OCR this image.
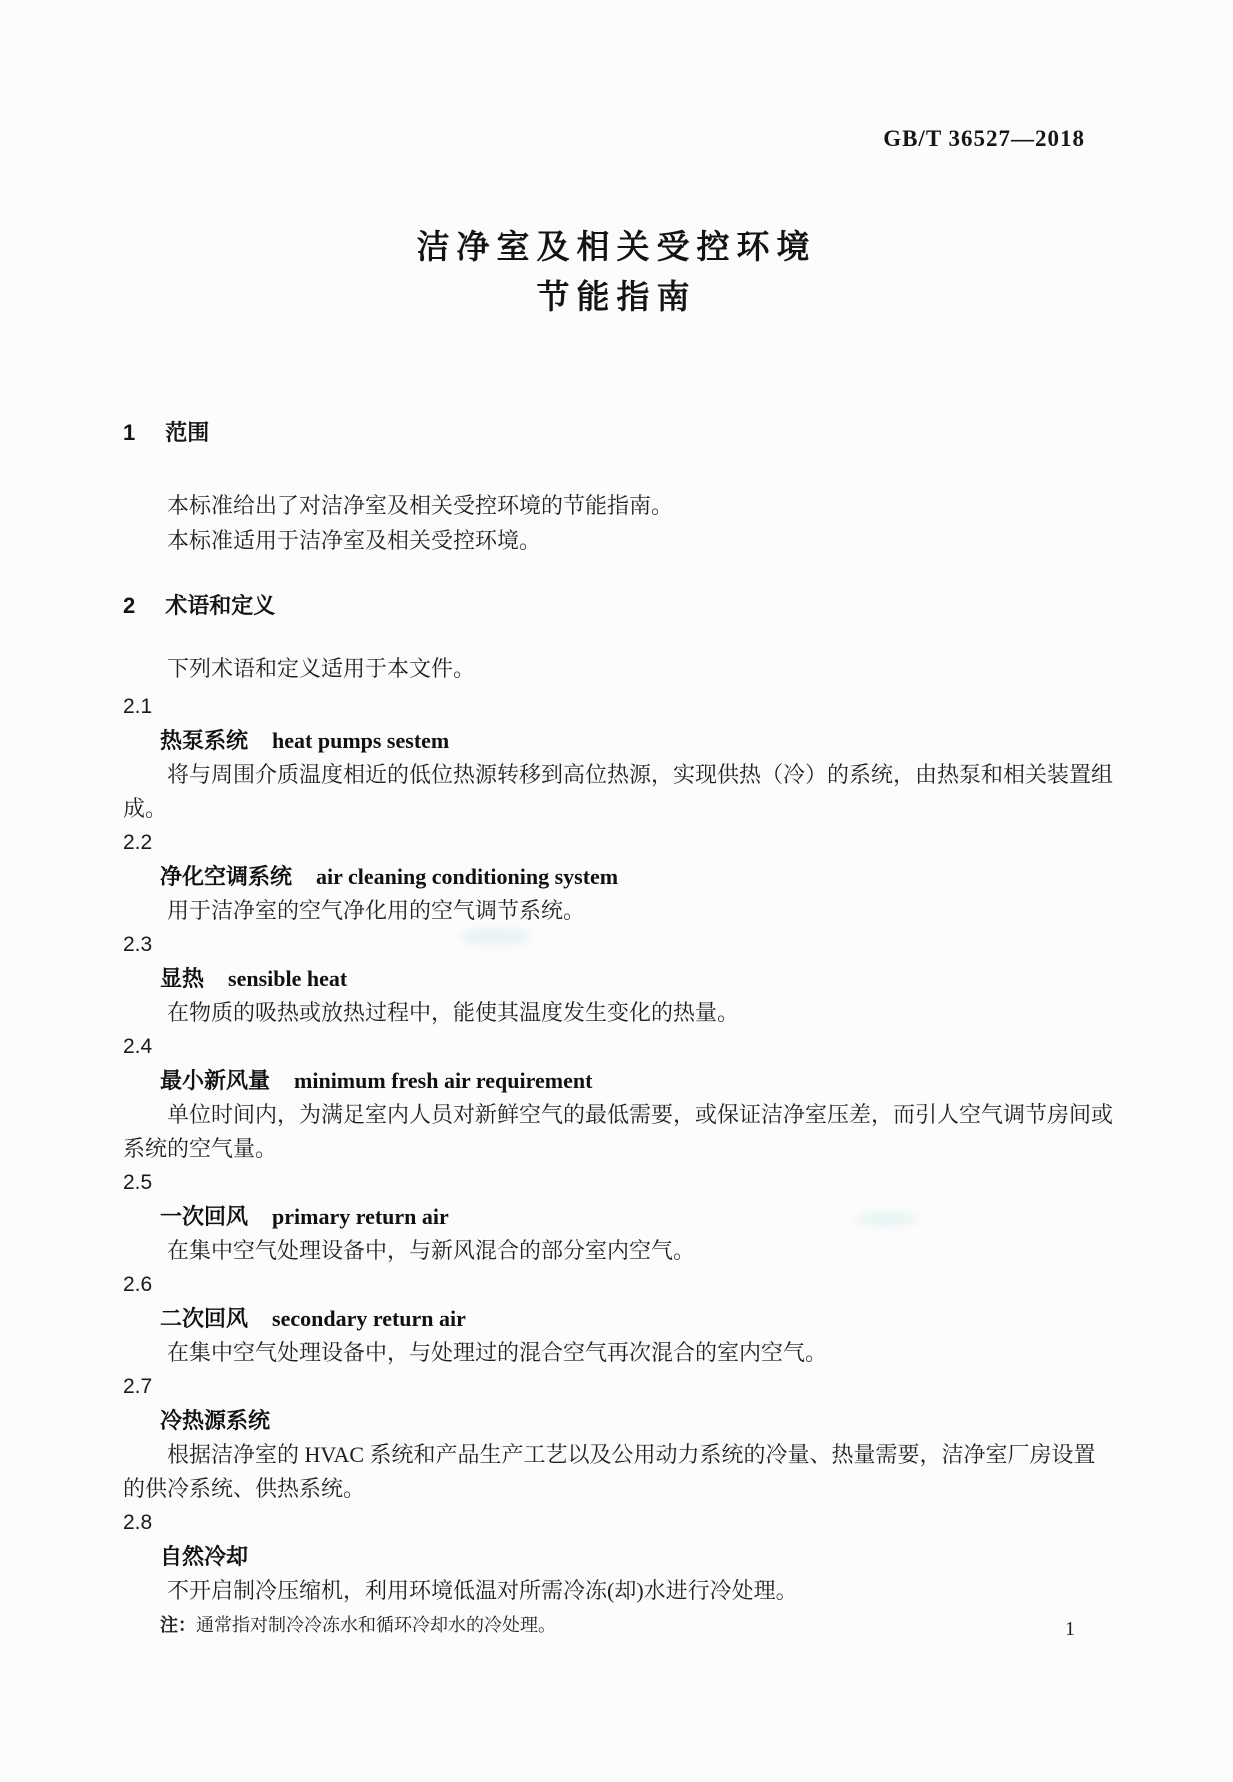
GB/T 36527—2018
洁净室及相关受控环境
节能指南
1 范围

本标准给出了对洁净室及相关受控环境的节能指南。

本标准适用于洁净室及相关受控环境。

2 术语和定义

下列术语和定义适用于本文件。

2.1
热泵系统 heat pumps sestem

将与周围介质温度相近的低位热源转移到高位热源，实现供热（冷）的系统，由热泵和相关装置组成。

2.2
净化空调系统 air cleaning conditioning system

用于洁净室的空气净化用的空气调节系统。

2.3
显热 sensible heat

在物质的吸热或放热过程中，能使其温度发生变化的热量。

2.4
最小新风量 minimum fresh air requirement

单位时间内，为满足室内人员对新鲜空气的最低需要，或保证洁净室压差，而引人空气调节房间或系统的空气量。

2.5
一次回风 primary return air

在集中空气处理设备中，与新风混合的部分室内空气。

2.6
二次回风 secondary return air

在集中空气处理设备中，与处理过的混合空气再次混合的室内空气。

2.7
冷热源系统

根据洁净室的 HVAC 系统和产品生产工艺以及公用动力系统的冷量、热量需要，洁净室厂房设置的供冷系统、供热系统。

2.8
自然冷却

不开启制冷压缩机，利用环境低温对所需冷冻(却)水进行冷处理。

注：通常指对制冷冷冻水和循环冷却水的冷处理。	1
